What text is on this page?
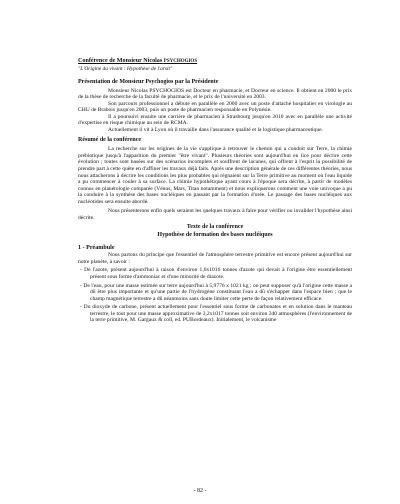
Conférence de Monsieur Nicolas PSYCHOGIOS
"L'Origine du vivant : Hypothèse de l'arsit"
Présentation de Monsieur Psychogios par la Présidente

Monsieur Nicolas PSYCHOGIOS est Docteur en pharmacie, et Docteur en science. Il obtient en 2000 le prix de la thèse de recherche de la faculté de pharmacie, et le prix de l'université en 2003.

Son parcours professionnel a débuté en parallèle en 2000 avec un poste d'attaché hospitalier en virologie au CHU de Brabois jusqu'en 2003, puis un poste de pharmacien responsable en Polynésie.

Il a poursuivi ensuite une carrière de pharmacien à Strasbourg jusqu'en 2010 avec en parallèle une activité d'expertise en risque chimique au sein de RCMA.

Actuellement il vit à Lyon où il travaille dans l'assurance qualité et la logistique pharmaceutique.

Résumé de la conférence

La recherche sur les origines de la vie s'applique à retrouver le chemin qui a conduit sur Terre, la chimie prébiotique jusqu'à l'apparition du premier "être vivant". Plusieurs théories sont aujourd'hui en lice pour décrire cette évolution ; toutes sont basées sur des scénarios incomplets et souffrent de lacunes, qui offrent à l'esprit la possibilité de prendre part à cette quête en d'affiner les travaux déjà faits. Après une description générale de ces différentes théories, nous nous attacherons à décrire les conditions les plus probables qui régnaient sur la Terre primitive au moment où l'eau liquide a pu commencer à couler à sa surface. La chimie hypothétique ayant cours à l'époque sera décrite, à partir de modèles connus en planétologie comparée (Vénus, Mars, Titan notamment) et nous expliquerons comment une voie univoque a pu la conduire à la synthèse des bases nucléiques en passant par la formation d'urée. Le passage des bases nucléiques aux nucléotides sera ensuite abordé.

Nous présenterons enfin quels seraient les quelques travaux à faire pour vérifier ou invalider l'hypothèse ainsi décrite.

Texte de la conférence
Hypothèse de formation des bases nucléiques
1 - Préambule

Nous partons du principe que l'essentiel de l'atmosphère terrestre primitive est encore présent aujourd'hui sur notre planète, à savoir :

- De l'azote, présent aujourd'hui à raison d'environ 1,6x1016 tonnes d'azote qui devait à l'origine être essentiellement présent sous forme d'ammoniac et d'une minorité de diazote.

- De l'eau, pour une masse estimée sur terre aujourd'hui à 5,9776 x 1021 kg ; on peut supposer qu'à l'origine cette masse a dû être plus importante et qu'une partie de l'hydrogène constituant l'eau a dû s'échapper dans l'espace bien ; que le champ magnétique terrestre a dû néanmoins sans doute limiter cette perte de façon relativement efficace.

- Du dioxyde de carbone, présent actuellement pour l'essentiel sous forme de carbonates et en solution dans le manteau terrestre, le tout pour une masse approximative de 3,2x1017 tonnes soit environ 340 atmosphères (l'environnement de la terre primitive, M. Gargaux & coll, ed. PUBordeaux). Initialement, le volcanisme

- 82 -
